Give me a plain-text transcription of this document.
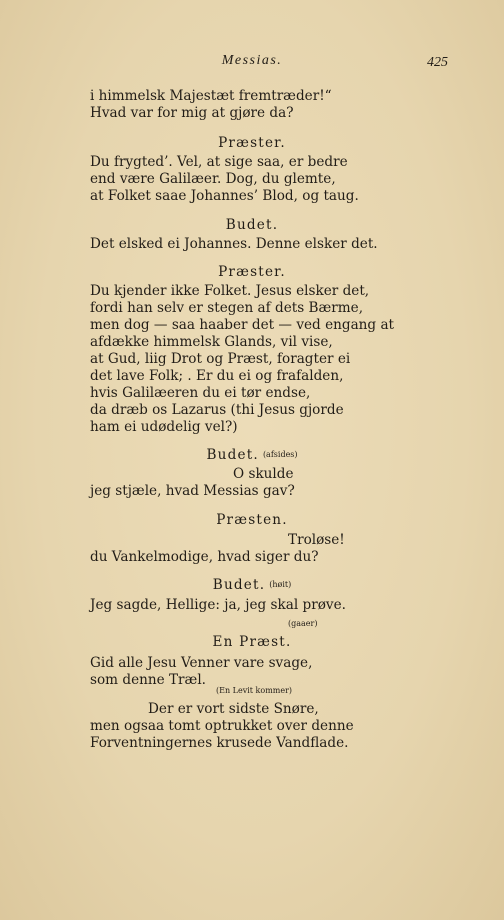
Messias.	425
i himmelsk Majestæt fremtræder!“
Hvad var for mig at gjøre da?
Præster.
Du frygted’. Vel, at sige saa, er bedre
end være Galilæer. Dog, du glemte,
at Folket saae Johannes’ Blod, og taug.
Budet.
Det elsked ei Johannes. Denne elsker det.
Præster.
Du kjender ikke Folket. Jesus elsker det,
fordi han selv er stegen af dets Bærme,
men dog — saa haaber det — ved engang at
afdække himmelsk Glands, vil vise,
at Gud, liig Drot og Præst, foragter ei
det lave Folk; . Er du ei og frafalden,
hvis Galilæeren du ei tør endse,
da dræb os Lazarus (thi Jesus gjorde
ham ei udødelig vel?)
Budet. (afsides)
O skulde
jeg stjæle, hvad Messias gav?
Præsten.
Troløse!
du Vankelmodige, hvad siger du?
Budet. (høit)
Jeg sagde, Hellige: ja, jeg skal prøve.
(gaaer)
En Præst.
Gid alle Jesu Venner vare svage,
som denne Træl.
(En Levit kommer)
Der er vort sidste Snøre,
men ogsaa tomt optrukket over denne
Forventningernes krusede Vandflade.
